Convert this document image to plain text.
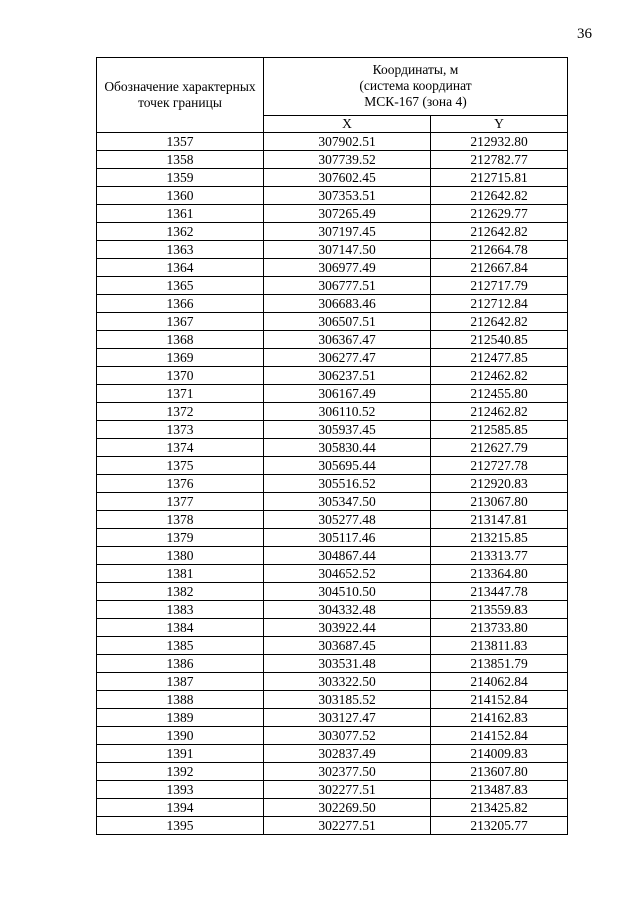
36
Обозначение характерных точек границы	Координаты, м
(система координат
МСК-167 (зона 4)	

	X	Y
1357	307902.51	212932.80
1358	307739.52	212782.77
1359	307602.45	212715.81
1360	307353.51	212642.82
1361	307265.49	212629.77
1362	307197.45	212642.82
1363	307147.50	212664.78
1364	306977.49	212667.84
1365	306777.51	212717.79
1366	306683.46	212712.84
1367	306507.51	212642.82
1368	306367.47	212540.85
1369	306277.47	212477.85
1370	306237.51	212462.82
1371	306167.49	212455.80
1372	306110.52	212462.82
1373	305937.45	212585.85
1374	305830.44	212627.79
1375	305695.44	212727.78
1376	305516.52	212920.83
1377	305347.50	213067.80
1378	305277.48	213147.81
1379	305117.46	213215.85
1380	304867.44	213313.77
1381	304652.52	213364.80
1382	304510.50	213447.78
1383	304332.48	213559.83
1384	303922.44	213733.80
1385	303687.45	213811.83
1386	303531.48	213851.79
1387	303322.50	214062.84
1388	303185.52	214152.84
1389	303127.47	214162.83
1390	303077.52	214152.84
1391	302837.49	214009.83
1392	302377.50	213607.80
1393	302277.51	213487.83
1394	302269.50	213425.82
1395	302277.51	213205.77
